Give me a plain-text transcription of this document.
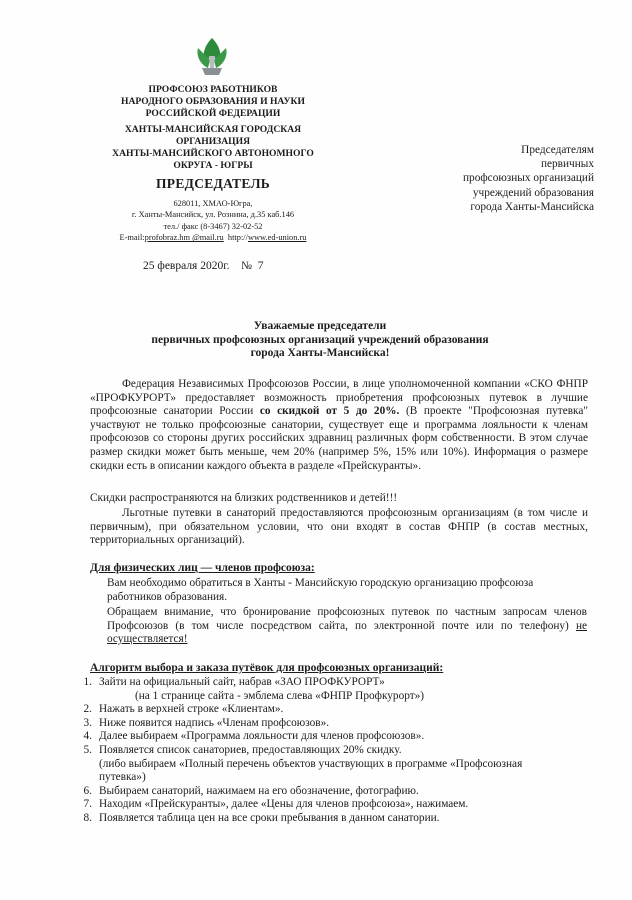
ПРОФСОЮЗ РАБОТНИКОВ
НАРОДНОГО ОБРАЗОВАНИЯ И НАУКИ
РОССИЙСКОЙ ФЕДЕРАЦИИ
ХАНТЫ-МАНСИЙСКАЯ ГОРОДСКАЯ
ОРГАНИЗАЦИЯ
ХАНТЫ-МАНСИЙСКОГО АВТОНОМНОГО
ОКРУГА - ЮГРЫ
ПРЕДСЕДАТЕЛЬ
628011, ХМАО-Югра,
г. Ханты-Мансийск, ул. Рознина, д.35 каб.146
тел./ факс (8-3467) 32-02-52
E-mail:profobraz.hm @mail.ru  http://www.ed-union.ru
25 февраля 2020г.    №  7
Председателям
первичных
профсоюзных организаций
учреждений образования
города Ханты-Мансийска
Уважаемые председатели
первичных профсоюзных организаций учреждений образования
города Ханты-Мансийска!
Федерация Независимых Профсоюзов России, в лице уполномоченной компании «СКО ФНПР «ПРОФКУРОРТ» предоставляет возможность приобретения профсоюзных путевок в лучшие профсоюзные санатории России со скидкой от 5 до 20%. (В проекте "Профсоюзная путевка" участвуют не только профсоюзные санатории, существует еще и программа лояльности к членам профсоюзов со стороны других российских здравниц различных форм собственности. В этом случае размер скидки может быть меньше, чем 20% (например 5%, 15% или 10%). Информация о размере скидки есть в описании каждого объекта в разделе «Прейскуранты».
Скидки распространяются на близких родственников и детей!!!
Льготные путевки в санаторий предоставляются профсоюзным организациям (в том числе и первичным), при обязательном условии, что они входят в состав ФНПР (в состав местных, территориальных организаций).
Для физических лиц — членов профсоюза:
Вам необходимо обратиться в Ханты - Мансийскую городскую организацию профсоюза работников образования.
Обращаем внимание, что бронирование профсоюзных путевок по частным запросам членов Профсоюзов (в том числе посредством сайта, по электронной почте или по телефону) не осуществляется!
Алгоритм выбора и заказа путёвок для профсоюзных организаций:
1. Зайти на официальный сайт, набрав «ЗАО ПРОФКУРОРТ»
(на 1 странице сайта - эмблема слева «ФНПР Профкурорт»)
2. Нажать в верхней строке «Клиентам».
3. Ниже появится надпись «Членам профсоюзов».
4. Далее выбираем «Программа лояльности для членов профсоюзов».
5. Появляется список санаториев, предоставляющих 20% скидку.
(либо выбираем «Полный перечень объектов участвующих в программе «Профсоюзная путевка»)
6. Выбираем санаторий, нажимаем на его обозначение, фотографию.
7. Находим «Прейскуранты», далее «Цены для членов профсоюза», нажимаем.
8. Появляется таблица цен на все сроки пребывания в данном санатории.
